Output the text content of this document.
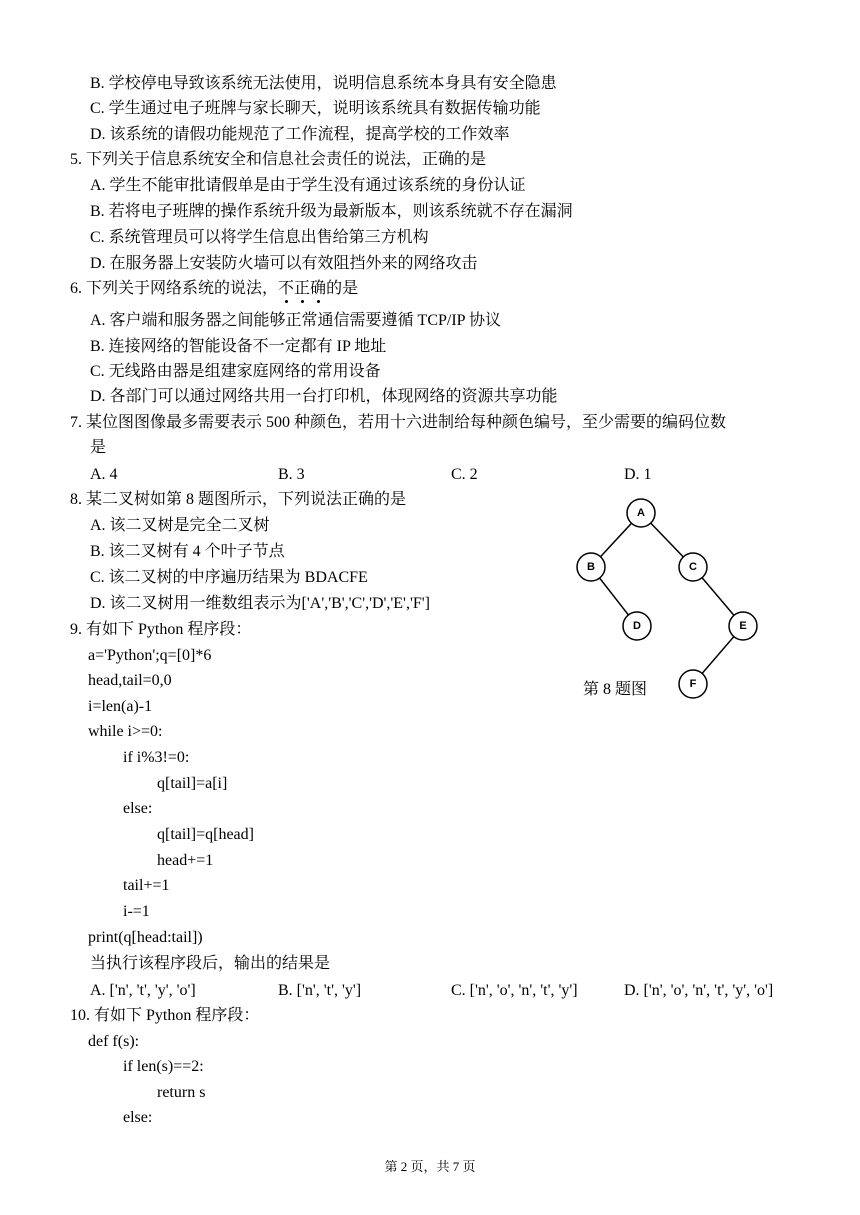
B. 学校停电导致该系统无法使用，说明信息系统本身具有安全隐患
C. 学生通过电子班牌与家长聊天，说明该系统具有数据传输功能
D. 该系统的请假功能规范了工作流程，提高学校的工作效率
5. 下列关于信息系统安全和信息社会责任的说法，正确的是
A. 学生不能审批请假单是由于学生没有通过该系统的身份认证
B. 若将电子班牌的操作系统升级为最新版本，则该系统就不存在漏洞
C. 系统管理员可以将学生信息出售给第三方机构
D. 在服务器上安装防火墙可以有效阻挡外来的网络攻击
6. 下列关于网络系统的说法，不正确的是
A. 客户端和服务器之间能够正常通信需要遵循 TCP/IP 协议
B. 连接网络的智能设备不一定都有 IP 地址
C. 无线路由器是组建家庭网络的常用设备
D. 各部门可以通过网络共用一台打印机，体现网络的资源共享功能
7. 某位图图像最多需要表示 500 种颜色，若用十六进制给每种颜色编号，至少需要的编码位数
是
A. 4	B. 3	C. 2	D. 1
8. 某二叉树如第 8 题图所示，下列说法正确的是
A. 该二叉树是完全二叉树
B. 该二叉树有 4 个叶子节点
C. 该二叉树的中序遍历结果为 BDACFE
D. 该二叉树用一维数组表示为['A','B','C','D','E','F']
A
B	C
D	E
F
第 8 题图
9. 有如下 Python 程序段：
a='Python';q=[0]*6
head,tail=0,0
i=len(a)-1
while i>=0:
if i%3!=0:
q[tail]=a[i]
else:
q[tail]=q[head]
head+=1
tail+=1
i-=1
print(q[head:tail])
当执行该程序段后，输出的结果是
A. ['n', 't', 'y', 'o']	B. ['n', 't', 'y']	C. ['n', 'o', 'n', 't', 'y']	D. ['n', 'o', 'n', 't', 'y', 'o']
10. 有如下 Python 程序段：
def f(s):
if len(s)==2:
return s
else:
第 2 页，共 7 页
